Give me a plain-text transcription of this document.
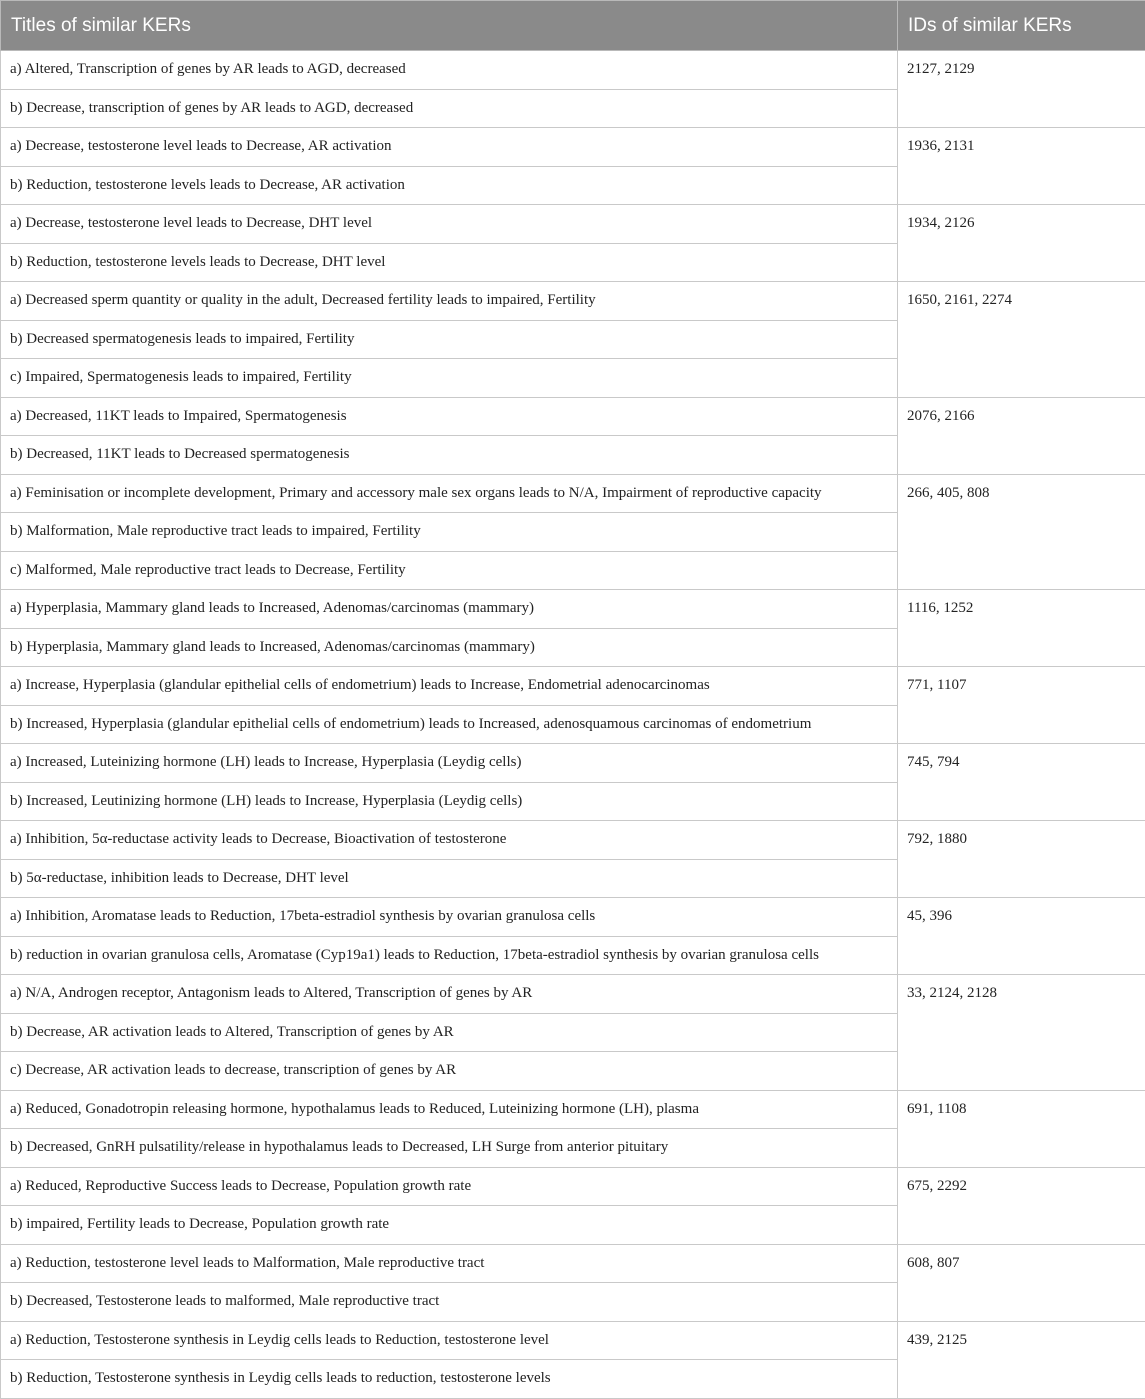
Titles of similar KERs	IDs of similar KERs
a) Altered, Transcription of genes by AR leads to AGD, decreased	2127, 2129
b) Decrease, transcription of genes by AR leads to AGD, decreased	
a) Decrease, testosterone level leads to Decrease, AR activation	1936, 2131
b) Reduction, testosterone levels leads to Decrease, AR activation	
a) Decrease, testosterone level leads to Decrease, DHT level	1934, 2126
b) Reduction, testosterone levels leads to Decrease, DHT level	
a) Decreased sperm quantity or quality in the adult, Decreased fertility leads to impaired, Fertility	1650, 2161, 2274
b) Decreased spermatogenesis leads to impaired, Fertility	
c) Impaired, Spermatogenesis leads to impaired, Fertility	
a) Decreased, 11KT leads to Impaired, Spermatogenesis	2076, 2166
b) Decreased, 11KT leads to Decreased spermatogenesis	
a) Feminisation or incomplete development, Primary and accessory male sex organs leads to N/A, Impairment of reproductive capacity	266, 405, 808
b) Malformation, Male reproductive tract leads to impaired, Fertility	
c) Malformed, Male reproductive tract leads to Decrease, Fertility	
a) Hyperplasia, Mammary gland leads to Increased, Adenomas/carcinomas (mammary)	1116, 1252
b) Hyperplasia, Mammary gland leads to Increased, Adenomas/carcinomas (mammary)	
a) Increase, Hyperplasia (glandular epithelial cells of endometrium) leads to Increase, Endometrial adenocarcinomas	771, 1107
b) Increased, Hyperplasia (glandular epithelial cells of endometrium) leads to Increased, adenosquamous carcinomas of endometrium	
a) Increased, Luteinizing hormone (LH) leads to Increase, Hyperplasia (Leydig cells)	745, 794
b) Increased, Leutinizing hormone (LH) leads to Increase, Hyperplasia (Leydig cells)	
a) Inhibition, 5α-reductase activity leads to Decrease, Bioactivation of testosterone	792, 1880
b) 5α-reductase, inhibition leads to Decrease, DHT level	
a) Inhibition, Aromatase leads to Reduction, 17beta-estradiol synthesis by ovarian granulosa cells	45, 396
b) reduction in ovarian granulosa cells, Aromatase (Cyp19a1) leads to Reduction, 17beta-estradiol synthesis by ovarian granulosa cells	
a) N/A, Androgen receptor, Antagonism leads to Altered, Transcription of genes by AR	33, 2124, 2128
b) Decrease, AR activation leads to Altered, Transcription of genes by AR	
c) Decrease, AR activation leads to decrease, transcription of genes by AR	
a) Reduced, Gonadotropin releasing hormone, hypothalamus leads to Reduced, Luteinizing hormone (LH), plasma	691, 1108
b) Decreased, GnRH pulsatility/release in hypothalamus leads to Decreased, LH Surge from anterior pituitary	
a) Reduced, Reproductive Success leads to Decrease, Population growth rate	675, 2292
b) impaired, Fertility leads to Decrease, Population growth rate	
a) Reduction, testosterone level leads to Malformation, Male reproductive tract	608, 807
b) Decreased, Testosterone leads to malformed, Male reproductive tract	
a) Reduction, Testosterone synthesis in Leydig cells leads to Reduction, testosterone level	439, 2125
b) Reduction, Testosterone synthesis in Leydig cells leads to reduction, testosterone levels	
